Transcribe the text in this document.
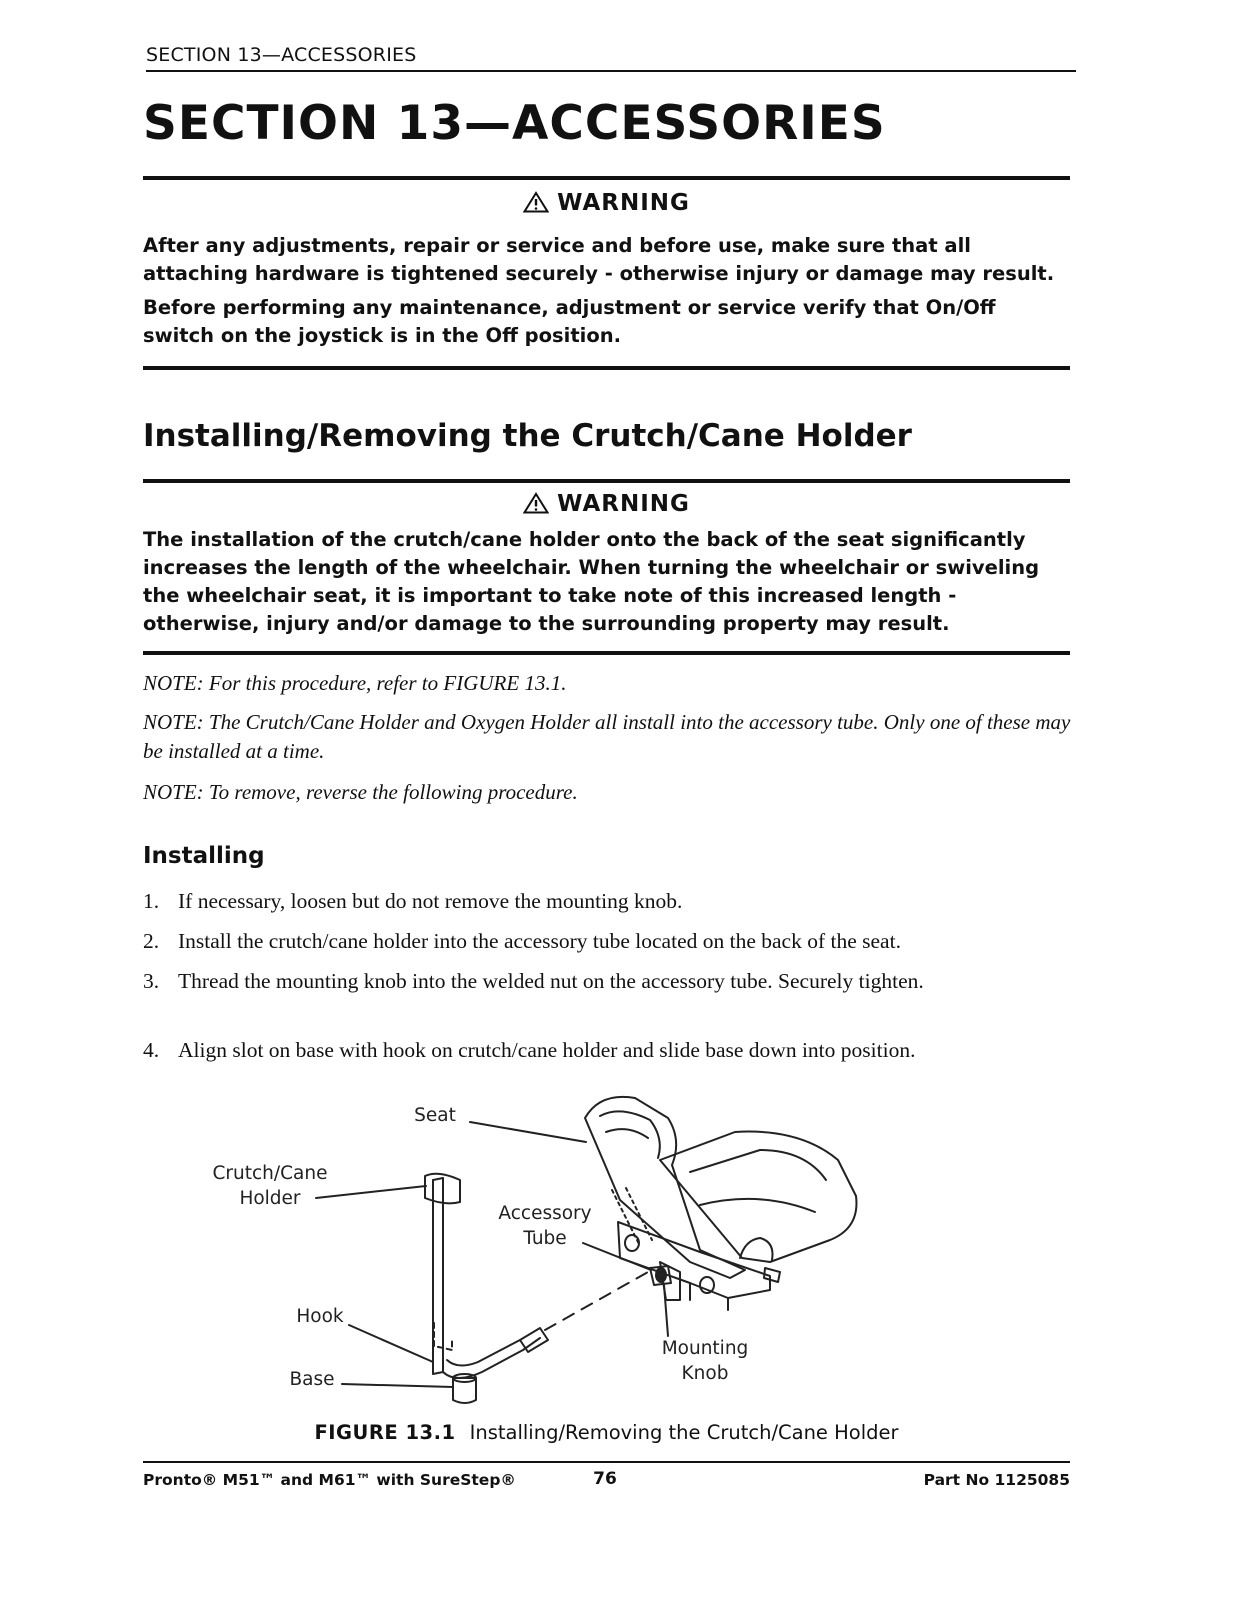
SECTION 13—ACCESSORIES
SECTION 13—ACCESSORIES
WARNING
After any adjustments, repair or service and before use, make sure that all attaching hardware is tightened securely - otherwise injury or damage may result.
Before performing any maintenance, adjustment or service verify that On/Off switch on the joystick is in the Off position.
Installing/Removing the Crutch/Cane Holder
WARNING
The installation of the crutch/cane holder onto the back of the seat significantly increases the length of the wheelchair. When turning the wheelchair or swiveling the wheelchair seat, it is important to take note of this increased length - otherwise, injury and/or damage to the surrounding property may result.
NOTE: For this procedure, refer to FIGURE 13.1.
NOTE: The Crutch/Cane Holder and Oxygen Holder all install into the accessory tube. Only one of these may be installed at a time.
NOTE: To remove, reverse the following procedure.
Installing
1. If necessary, loosen but do not remove the mounting knob.
2. Install the crutch/cane holder into the accessory tube located on the back of the seat.
3. Thread the mounting knob into the welded nut on the accessory tube. Securely tighten.
4. Align slot on base with hook on crutch/cane holder and slide base down into position.
Seat
Crutch/Cane
Holder
Accessory
Tube
Hook
Base
Mounting
Knob
FIGURE 13.1 Installing/Removing the Crutch/Cane Holder
Pronto® M51™ and M61™ with SureStep®	76	Part No 1125085
